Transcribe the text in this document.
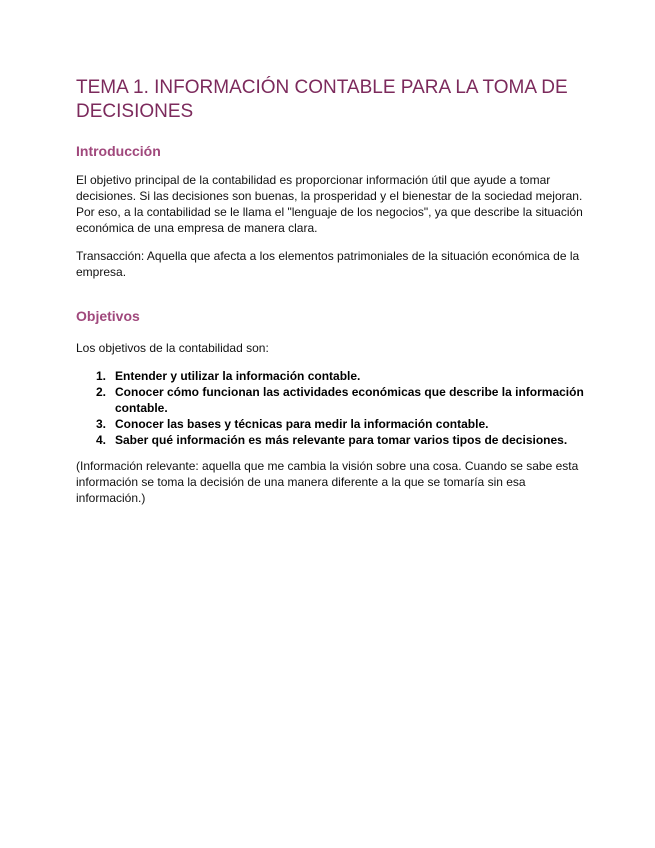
TEMA 1. INFORMACIÓN CONTABLE PARA LA TOMA DE DECISIONES
Introducción

El objetivo principal de la contabilidad es proporcionar información útil que ayude a tomar decisiones. Si las decisiones son buenas, la prosperidad y el bienestar de la sociedad mejoran. Por eso, a la contabilidad se le llama el "lenguaje de los negocios", ya que describe la situación económica de una empresa de manera clara.

Transacción: Aquella que afecta a los elementos patrimoniales de la situación económica de la empresa.

Objetivos

Los objetivos de la contabilidad son:

1. Entender y utilizar la información contable.
2. Conocer cómo funcionan las actividades económicas que describe la información contable.
3. Conocer las bases y técnicas para medir la información contable.
4. Saber qué información es más relevante para tomar varios tipos de decisiones.

(Información relevante: aquella que me cambia la visión sobre una cosa. Cuando se sabe esta información se toma la decisión de una manera diferente a la que se tomaría sin esa información.)
